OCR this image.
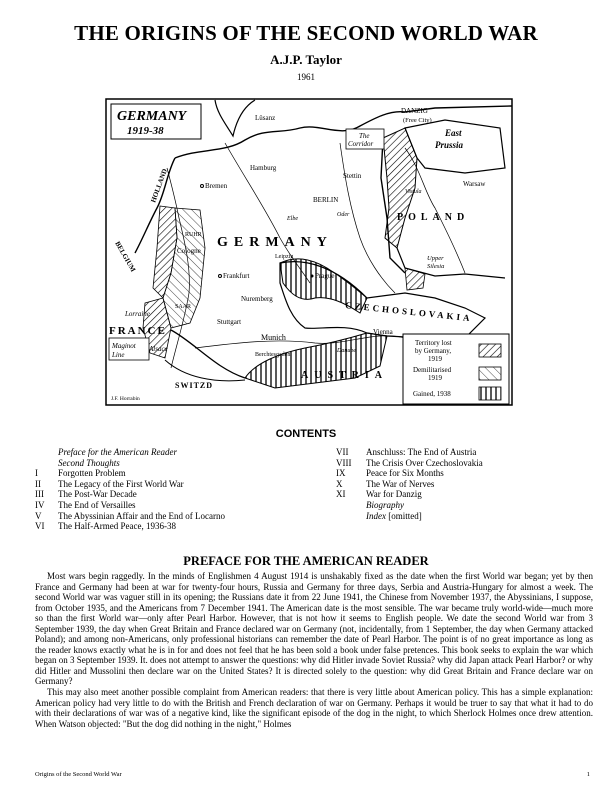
THE ORIGINS OF THE SECOND WORLD WAR
A.J.P. Taylor
1961
GERMANY
1919-38
Lüsanz
DANZIG
(Free City)
The
Corridor
East
Prussia
Hamburg
Stettin
Bremen
BERLIN
Warsaw
Vistula
POLAND
HOLLAND
RUHR
Cologne
GERMANY
Leipzig	Upper
Silesia
BELGIUM
Frankfurt	Prague
CZECHOSLOVAKIA
SAAR
Nuremberg
Stuttgart
Lorraine
FRANCE
Alsace
Munich
Berchtesgaden
Vienna
Danube
AUSTRIA
Maginot
Line
SWITZD
Elbe
Oder
J.F. Horrabin
Territory lost
by Germany,
1919
Demilitarised
1919
Gained, 1938
CONTENTS
Preface for the American Reader
Second Thoughts
I	Forgotten Problem
II	The Legacy of the First World War
III	The Post-War Decade
IV	The End of Versailles
V	The Abyssinian Affair and the End of Locarno
VI	The Half-Armed Peace, 1936-38
VII	Anschluss: The End of Austria
VIII	The Crisis Over Czechoslovakia
IX	Peace for Six Months
X	The War of Nerves
XI	War for Danzig
Biography
Index [omitted]
PREFACE FOR THE AMERICAN READER

Most wars begin raggedly. In the minds of Englishmen 4 August 1914 is unshakably fixed as the date when the first World war began; yet by then France and Germany had been at war for twenty-four hours, Russia and Germany for three days, Serbia and Austria-Hungary for almost a week. The second World war was vaguer still in its opening; the Russians date it from 22 June 1941, the Chinese from November 1937, the Abyssinians, I suppose, from October 1935, and the Americans from 7 December 1941. The American date is the most sensible. The war became truly world-wide—much more so than the first World war—only after Pearl Harbor. However, that is not how it seems to English people. We date the second World war from 3 September 1939, the day when Great Britain and France declared war on Germany (not, incidentally, from 1 September, the day when Germany attacked Poland); and among non-Americans, only professional historians can remember the date of Pearl Harbor. The point is of no great importance as long as the reader knows exactly what he is in for and does not feel that he has been sold a book under false pretences. This book seeks to explain the war which began on 3 September 1939. It. does not attempt to answer the questions: why did Hitler invade Soviet Russia? why did Japan attack Pearl Harbor? or why did Hitler and Mussolini then declare war on the United States? It is directed solely to the question: why did Great Britain and France declare war on Germany?

This may also meet another possible complaint from American readers: that there is very little about American policy. This has a simple explanation: American policy had very little to do with the British and French declaration of war on Germany. Perhaps it would be truer to say that what it had to do with their declarations of war was of a negative kind, like the significant episode of the dog in the night, to which Sherlock Holmes once drew attention. When Watson objected: "But the dog did nothing in the night," Holmes

Origins of the Second World War	1
